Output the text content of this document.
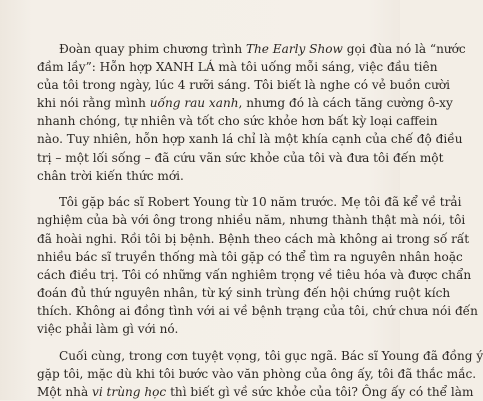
Đoàn quay phim chương trình The Early Show gọi đùa nó là “nước
đầm lầy”: Hỗn hợp XANH LÁ mà tôi uống mỗi sáng, việc đầu tiên
của tôi trong ngày, lúc 4 rưỡi sáng. Tôi biết là nghe có vẻ buồn cười
khi nói rằng mình uống rau xanh, nhưng đó là cách tăng cường ô-xy
nhanh chóng, tự nhiên và tốt cho sức khỏe hơn bất kỳ loại caffein
nào. Tuy nhiên, hỗn hợp xanh lá chỉ là một khía cạnh của chế độ điều
trị – một lối sống – đã cứu vãn sức khỏe của tôi và đưa tôi đến một
chân trời kiến thức mới.
Tôi gặp bác sĩ Robert Young từ 10 năm trước. Mẹ tôi đã kể về trải
nghiệm của bà với ông trong nhiều năm, nhưng thành thật mà nói, tôi
đã hoài nghi. Rồi tôi bị bệnh. Bệnh theo cách mà không ai trong số rất
nhiều bác sĩ truyền thống mà tôi gặp có thể tìm ra nguyên nhân hoặc
cách điều trị. Tôi có những vấn nghiêm trọng về tiêu hóa và được chẩn
đoán đủ thứ nguyên nhân, từ ký sinh trùng đến hội chứng ruột kích
thích. Không ai đồng tình với ai về bệnh trạng của tôi, chứ chưa nói đến
việc phải làm gì với nó.
Cuối cùng, trong cơn tuyệt vọng, tôi gục ngã. Bác sĩ Young đã đồng ý
gặp tôi, mặc dù khi tôi bước vào văn phòng của ông ấy, tôi đã thắc mắc.
Một nhà vi trùng học thì biết gì về sức khỏe của tôi? Ông ấy có thể làm
